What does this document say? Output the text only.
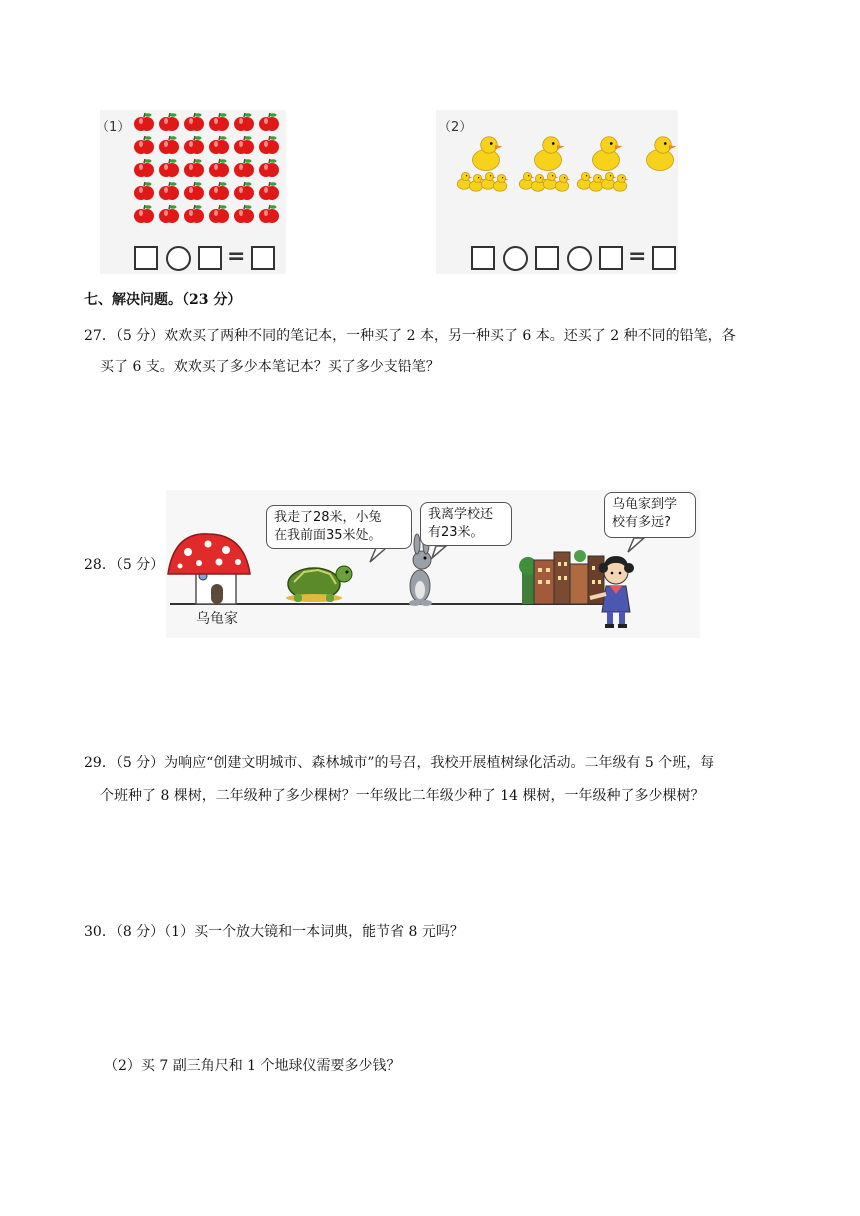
（1）
=
（2）
=
七、解决问题。（23 分）
27．（5 分）欢欢买了两种不同的笔记本，一种买了 2 本，另一种买了 6 本。还买了 2 种不同的铅笔，各
买了 6 支。欢欢买了多少本笔记本？买了多少支铅笔？
28．（5 分）
我走了28米，小兔
在我前面35米处。
我离学校还
有23米。
乌龟家到学
校有多远?
乌龟家
29．（5 分）为响应“创建文明城市、森林城市”的号召，我校开展植树绿化活动。二年级有 5 个班，每
个班种了 8 棵树，二年级种了多少棵树？一年级比二年级少种了 14 棵树，一年级种了多少棵树？
30．（8 分）（1）买一个放大镜和一本词典，能节省 8 元吗？
（2）买 7 副三角尺和 1 个地球仪需要多少钱？
